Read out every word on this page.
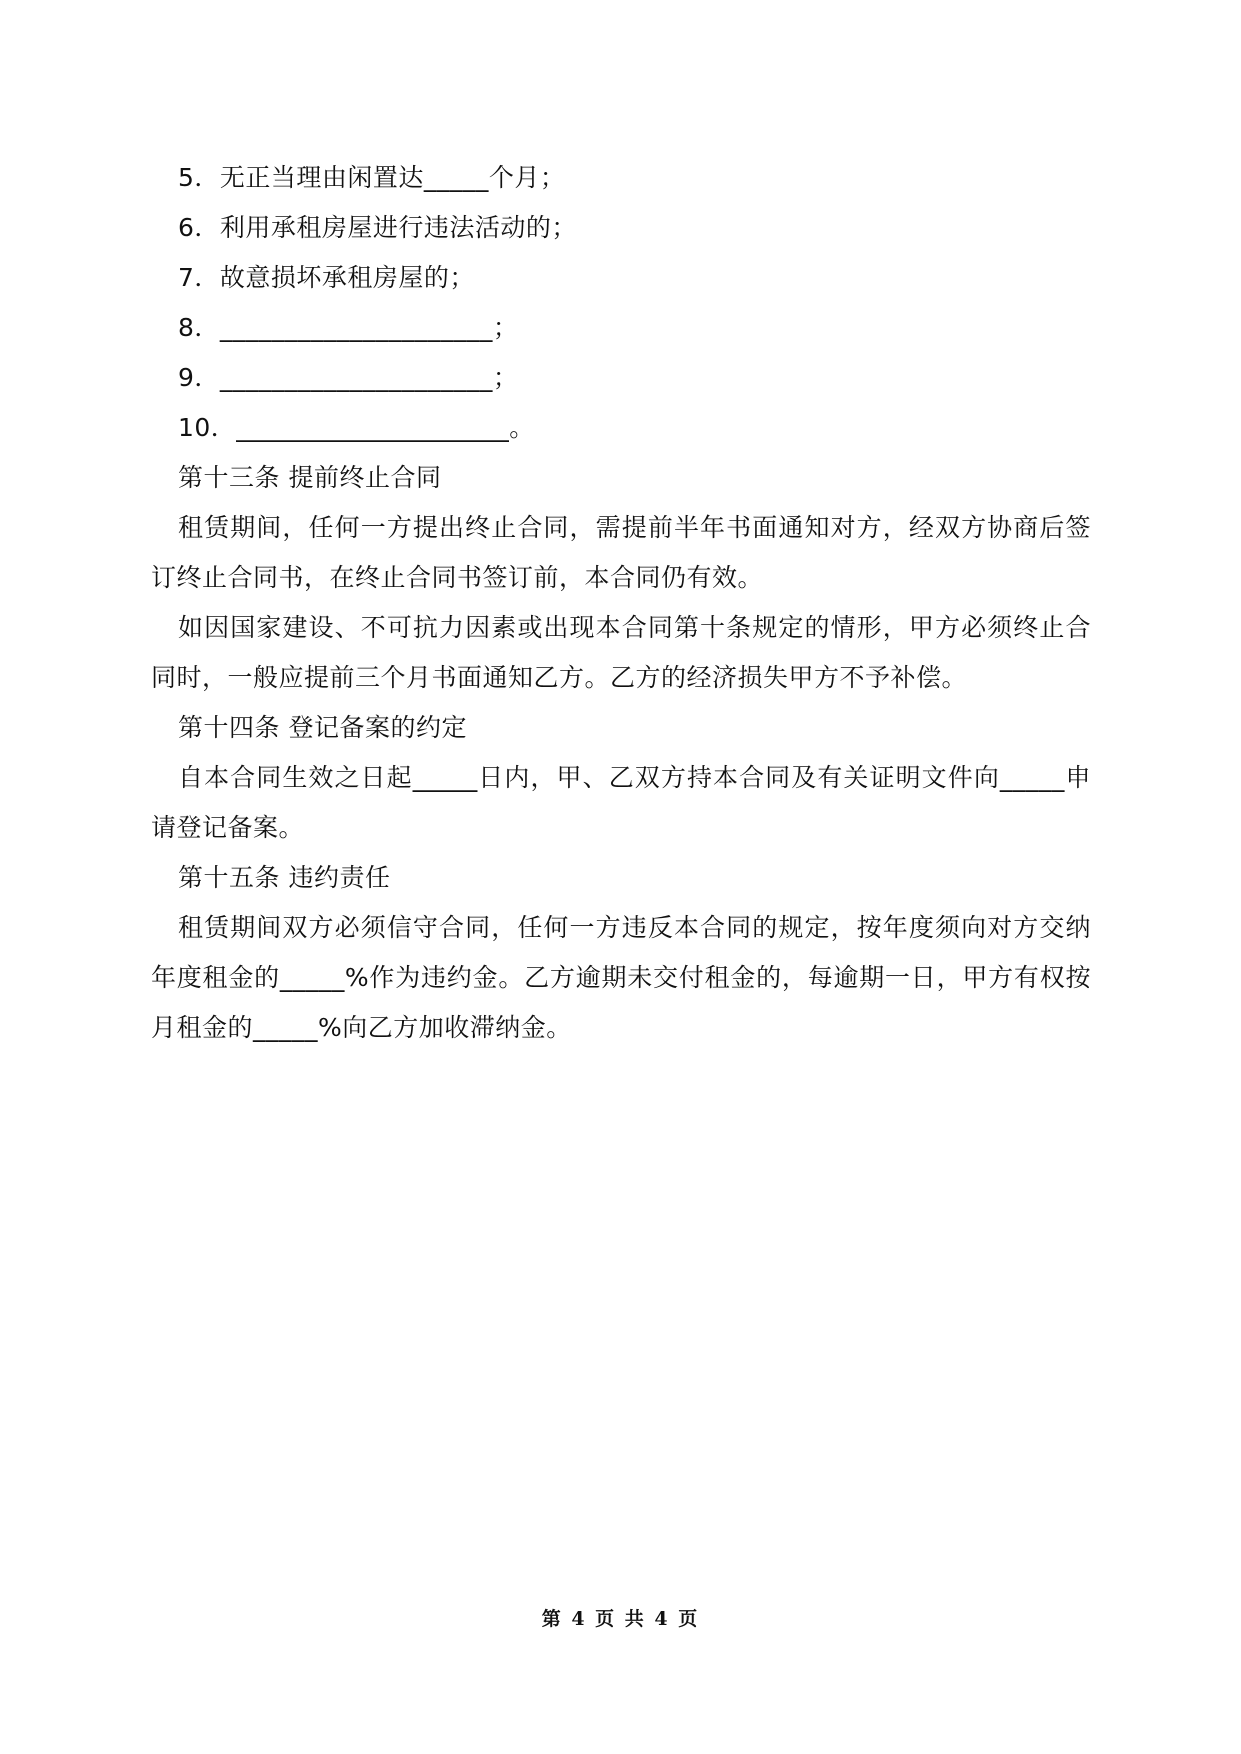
5．无正当理由闲置达_____个月；

6．利用承租房屋进行违法活动的；

7．故意损坏承租房屋的；

8．_____________________；

9．_____________________；

10．_____________________。

第十三条 提前终止合同

租赁期间，任何一方提出终止合同，需提前半年书面通知对方，经双方协商后签订终止合同书，在终止合同书签订前，本合同仍有效。

如因国家建设、不可抗力因素或出现本合同第十条规定的情形，甲方必须终止合同时，一般应提前三个月书面通知乙方。乙方的经济损失甲方不予补偿。

第十四条 登记备案的约定

自本合同生效之日起_____日内，甲、乙双方持本合同及有关证明文件向_____申请登记备案。

第十五条 违约责任

租赁期间双方必须信守合同，任何一方违反本合同的规定，按年度须向对方交纳年度租金的_____%作为违约金。乙方逾期未交付租金的，每逾期一日，甲方有权按月租金的_____%向乙方加收滞纳金。

第 4 页 共 4 页
